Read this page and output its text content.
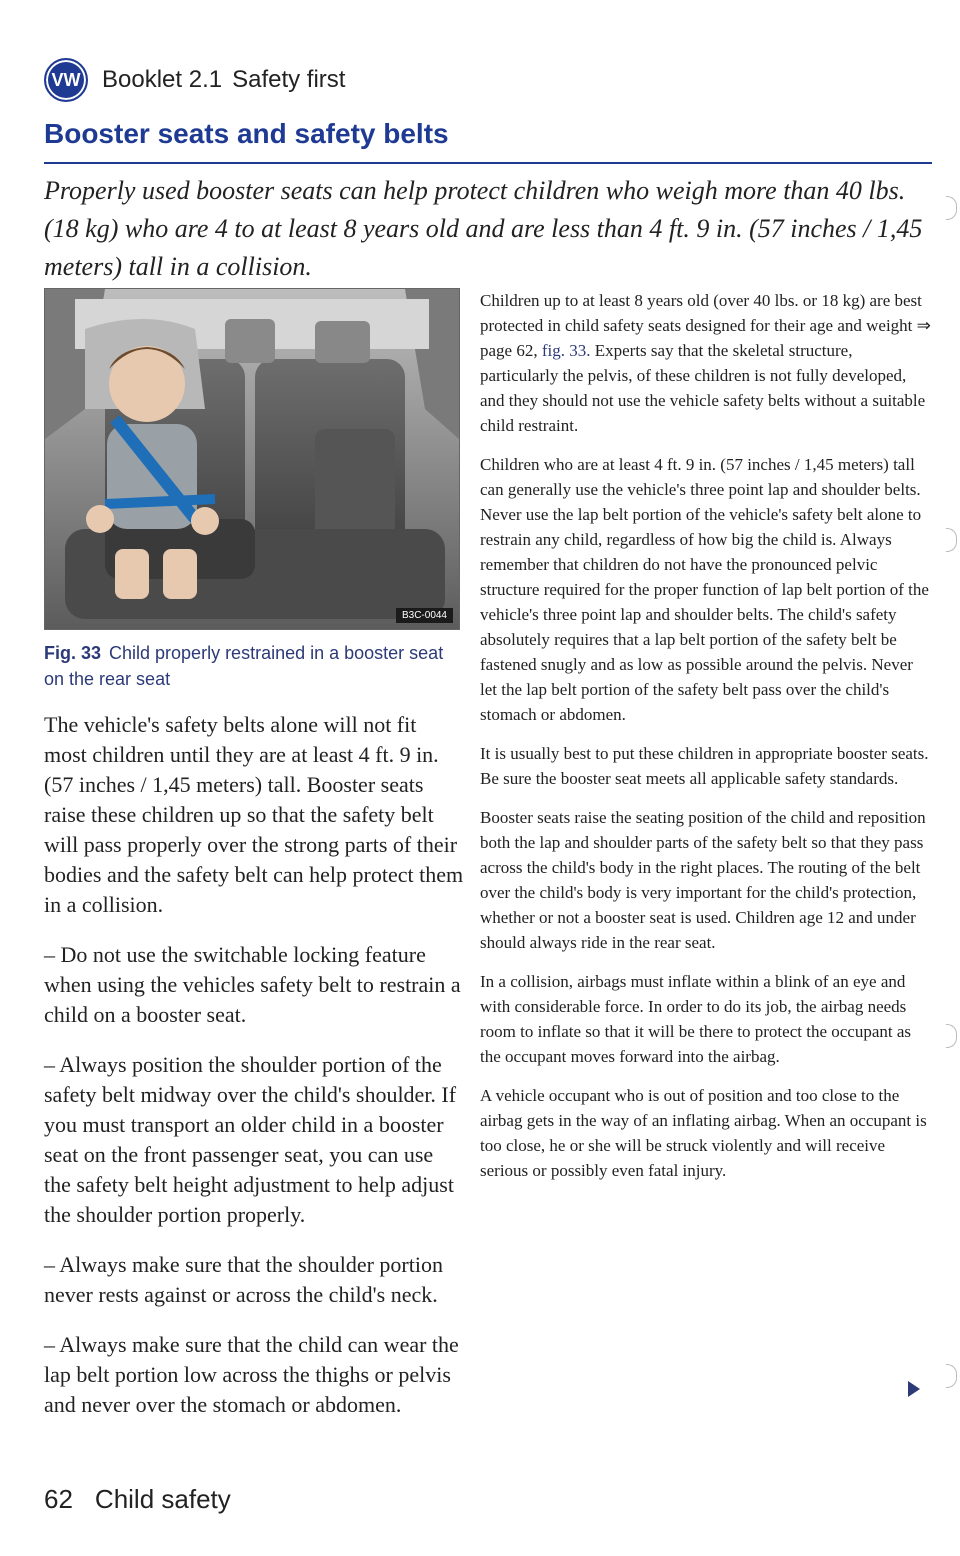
VW Booklet 2.1 Safety first
Booster seats and safety belts
Properly used booster seats can help protect children who weigh more than 40 lbs. (18 kg) who are 4 to at least 8 years old and are less than 4 ft. 9 in. (57 inches / 1,45 meters) tall in a collision.
B3C-0044
Fig. 33 Child properly restrained in a booster seat on the rear seat

The vehicle's safety belts alone will not fit most children until they are at least 4 ft. 9 in. (57 inches / 1,45 meters) tall. Booster seats raise these children up so that the safety belt will pass properly over the strong parts of their bodies and the safety belt can help protect them in a collision.

– Do not use the switchable locking feature when using the vehicles safety belt to restrain a child on a booster seat.

– Always position the shoulder portion of the safety belt midway over the child's shoulder. If you must transport an older child in a booster seat on the front passenger seat, you can use the safety belt height adjustment to help adjust the shoulder portion properly.

– Always make sure that the shoulder portion never rests against or across the child's neck.

– Always make sure that the child can wear the lap belt portion low across the thighs or pelvis and never over the stomach or abdomen.

Children up to at least 8 years old (over 40 lbs. or 18 kg) are best protected in child safety seats designed for their age and weight ⇒ page 62, fig. 33. Experts say that the skeletal structure, particularly the pelvis, of these children is not fully developed, and they should not use the vehicle safety belts without a suitable child restraint.

Children who are at least 4 ft. 9 in. (57 inches / 1,45 meters) tall can generally use the vehicle's three point lap and shoulder belts. Never use the lap belt portion of the vehicle's safety belt alone to restrain any child, regardless of how big the child is. Always remember that children do not have the pronounced pelvic structure required for the proper function of lap belt portion of the vehicle's three point lap and shoulder belts. The child's safety absolutely requires that a lap belt portion of the safety belt be fastened snugly and as low as possible around the pelvis. Never let the lap belt portion of the safety belt pass over the child's stomach or abdomen.

It is usually best to put these children in appropriate booster seats. Be sure the booster seat meets all applicable safety standards.

Booster seats raise the seating position of the child and reposition both the lap and shoulder parts of the safety belt so that they pass across the child's body in the right places. The routing of the belt over the child's body is very important for the child's protection, whether or not a booster seat is used. Children age 12 and under should always ride in the rear seat.

In a collision, airbags must inflate within a blink of an eye and with considerable force. In order to do its job, the airbag needs room to inflate so that it will be there to protect the occupant as the occupant moves forward into the airbag.

A vehicle occupant who is out of position and too close to the airbag gets in the way of an inflating airbag. When an occupant is too close, he or she will be struck violently and will receive serious or possibly even fatal injury.

62 Child safety
